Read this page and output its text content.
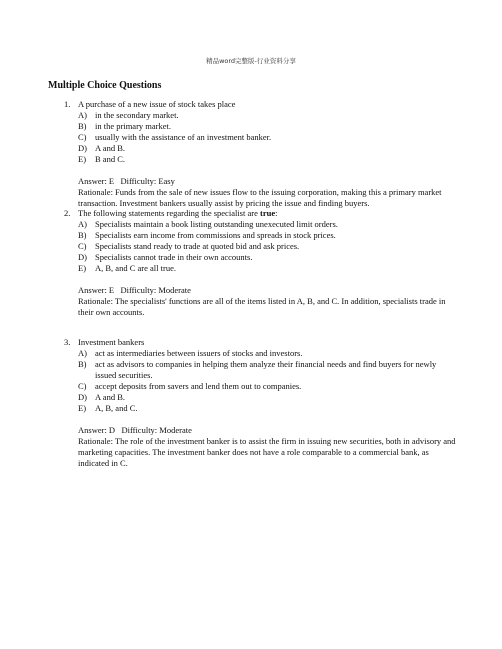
精品word完整版-行业资料分享
Multiple Choice Questions
1. A purchase of a new issue of stock takes place
A) in the secondary market.
B) in the primary market.
C) usually with the assistance of an investment banker.
D) A and B.
E) B and C.
Answer: E   Difficulty: Easy
Rationale: Funds from the sale of new issues flow to the issuing corporation, making this a primary market transaction. Investment bankers usually assist by pricing the issue and finding buyers.
2. The following statements regarding the specialist are true:
A) Specialists maintain a book listing outstanding unexecuted limit orders.
B) Specialists earn income from commissions and spreads in stock prices.
C) Specialists stand ready to trade at quoted bid and ask prices.
D) Specialists cannot trade in their own accounts.
E) A, B, and C are all true.
Answer: E   Difficulty: Moderate
Rationale: The specialists' functions are all of the items listed in A, B, and C. In addition, specialists trade in their own accounts.
3. Investment bankers
A) act as intermediaries between issuers of stocks and investors.
B) act as advisors to companies in helping them analyze their financial needs and find buyers for newly issued securities.
C) accept deposits from savers and lend them out to companies.
D) A and B.
E) A, B, and C.
Answer: D   Difficulty: Moderate
Rationale: The role of the investment banker is to assist the firm in issuing new securities, both in advisory and marketing capacities. The investment banker does not have a role comparable to a commercial bank, as indicated in C.
